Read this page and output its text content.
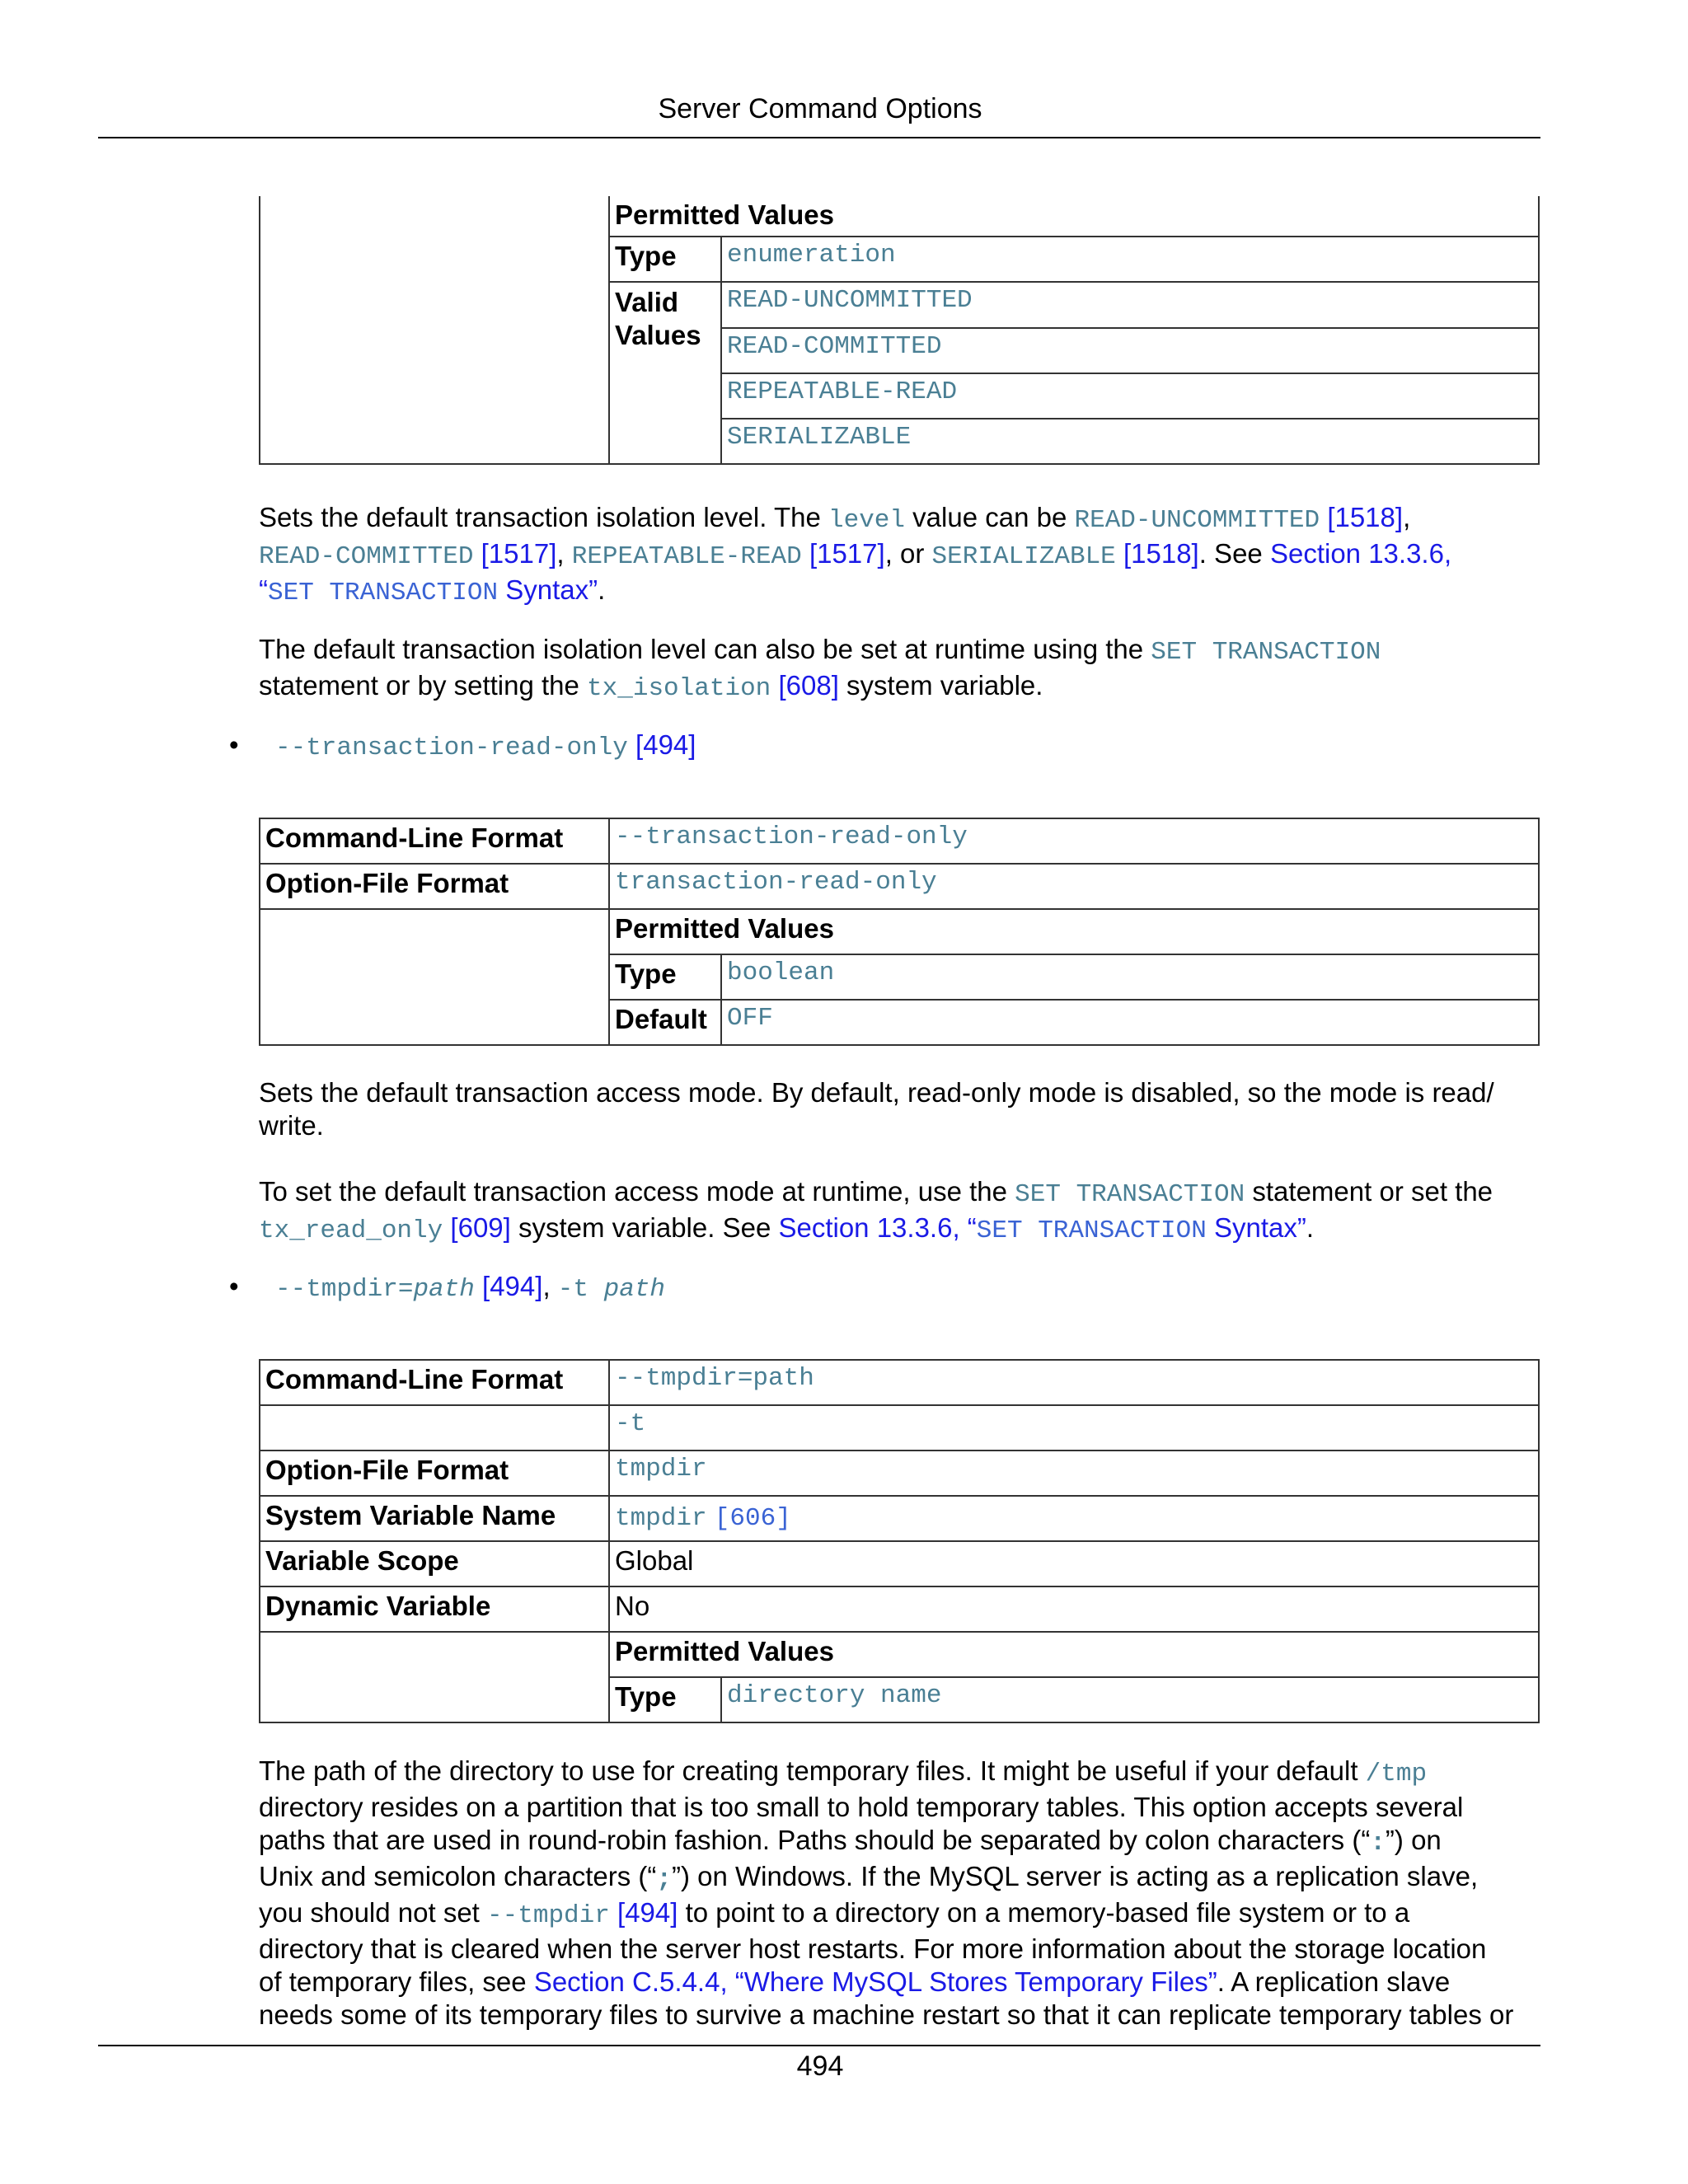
Server Command Options
	Permitted Values

Type	enumeration

Valid Values	READ-UNCOMMITTED
READ-COMMITTED
REPEATABLE-READ
SERIALIZABLE
Sets the default transaction isolation level. The level value can be READ-UNCOMMITTED [1518],
READ-COMMITTED [1517], REPEATABLE-READ [1517], or SERIALIZABLE [1518]. See Section 13.3.6,
“SET TRANSACTION Syntax”.
The default transaction isolation level can also be set at runtime using the SET TRANSACTION
statement or by setting the tx_isolation [608] system variable.
• --transaction-read-only [494]
Command-Line Format	--transaction-read-only
Option-File Format	transaction-read-only
	Permitted Values

Type	boolean

Default	OFF
Sets the default transaction access mode. By default, read-only mode is disabled, so the mode is read/
write.
To set the default transaction access mode at runtime, use the SET TRANSACTION statement or set the
tx_read_only [609] system variable. See Section 13.3.6, “SET TRANSACTION Syntax”.
• --tmpdir=path [494], -t path
Command-Line Format	--tmpdir=path
	-t
Option-File Format	tmpdir
System Variable Name	tmpdir [606]
Variable Scope	Global
Dynamic Variable	No
	Permitted Values

Type	directory name
The path of the directory to use for creating temporary files. It might be useful if your default /tmp
directory resides on a partition that is too small to hold temporary tables. This option accepts several
paths that are used in round-robin fashion. Paths should be separated by colon characters (“:”) on
Unix and semicolon characters (“;”) on Windows. If the MySQL server is acting as a replication slave,
you should not set --tmpdir [494] to point to a directory on a memory-based file system or to a
directory that is cleared when the server host restarts. For more information about the storage location
of temporary files, see Section C.5.4.4, “Where MySQL Stores Temporary Files”. A replication slave
needs some of its temporary files to survive a machine restart so that it can replicate temporary tables or
494
